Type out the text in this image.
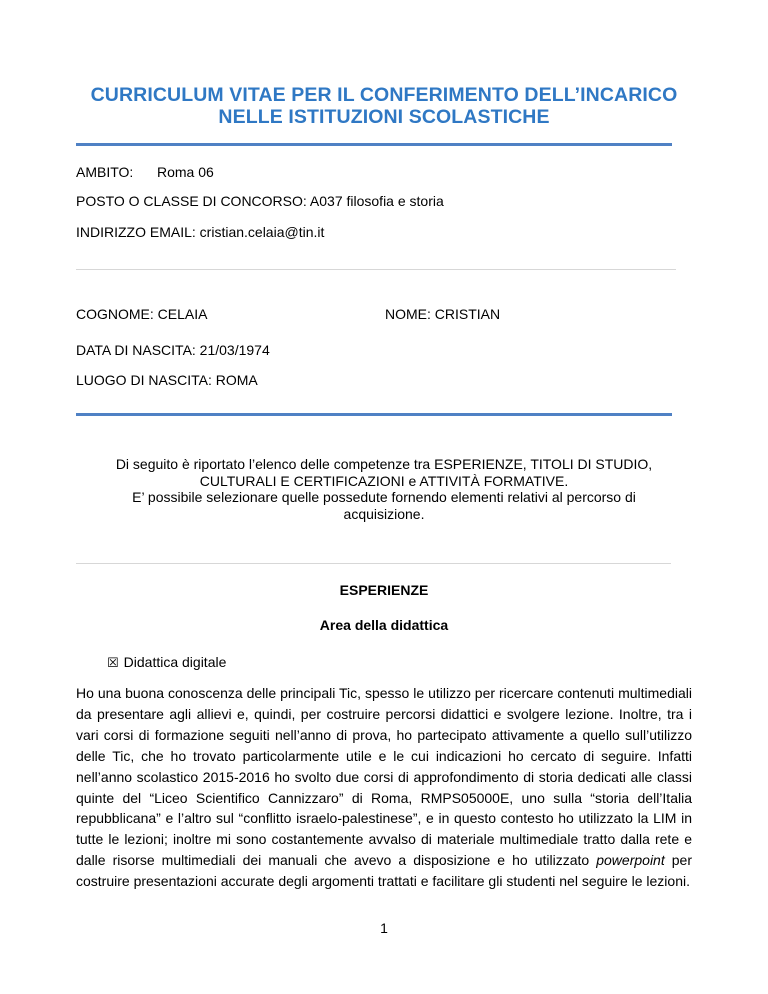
CURRICULUM VITAE PER IL CONFERIMENTO DELL’INCARICO
NELLE ISTITUZIONI SCOLASTICHE
AMBITO: Roma 06
POSTO O CLASSE DI CONCORSO: A037 filosofia e storia
INDIRIZZO EMAIL: cristian.celaia@tin.it
COGNOME: CELAIA	NOME: CRISTIAN
DATA DI NASCITA: 21/03/1974
LUOGO DI NASCITA: ROMA
Di seguito è riportato l’elenco delle competenze tra ESPERIENZE, TITOLI DI STUDIO,
CULTURALI E CERTIFICAZIONI e ATTIVITÀ FORMATIVE.
E’ possibile selezionare quelle possedute fornendo elementi relativi al percorso di
acquisizione.
ESPERIENZE
Area della didattica
☒ Didattica digitale
Ho una buona conoscenza delle principali Tic, spesso le utilizzo per ricercare contenuti multimediali da presentare agli allievi e, quindi, per costruire percorsi didattici e svolgere lezione. Inoltre, tra i vari corsi di formazione seguiti nell’anno di prova, ho partecipato attivamente a quello sull’utilizzo delle Tic, che ho trovato particolarmente utile e le cui indicazioni ho cercato di seguire. Infatti nell’anno scolastico 2015-2016 ho svolto due corsi di approfondimento di storia dedicati alle classi quinte del “Liceo Scientifico Cannizzaro” di Roma, RMPS05000E, uno sulla “storia dell’Italia repubblicana” e l’altro sul “conflitto israelo-palestinese”, e in questo contesto ho utilizzato la LIM in tutte le lezioni; inoltre mi sono costantemente avvalso di materiale multimediale tratto dalla rete e dalle risorse multimediali dei manuali che avevo a disposizione e ho utilizzato powerpoint per costruire presentazioni accurate degli argomenti trattati e facilitare gli studenti nel seguire le lezioni.
1
